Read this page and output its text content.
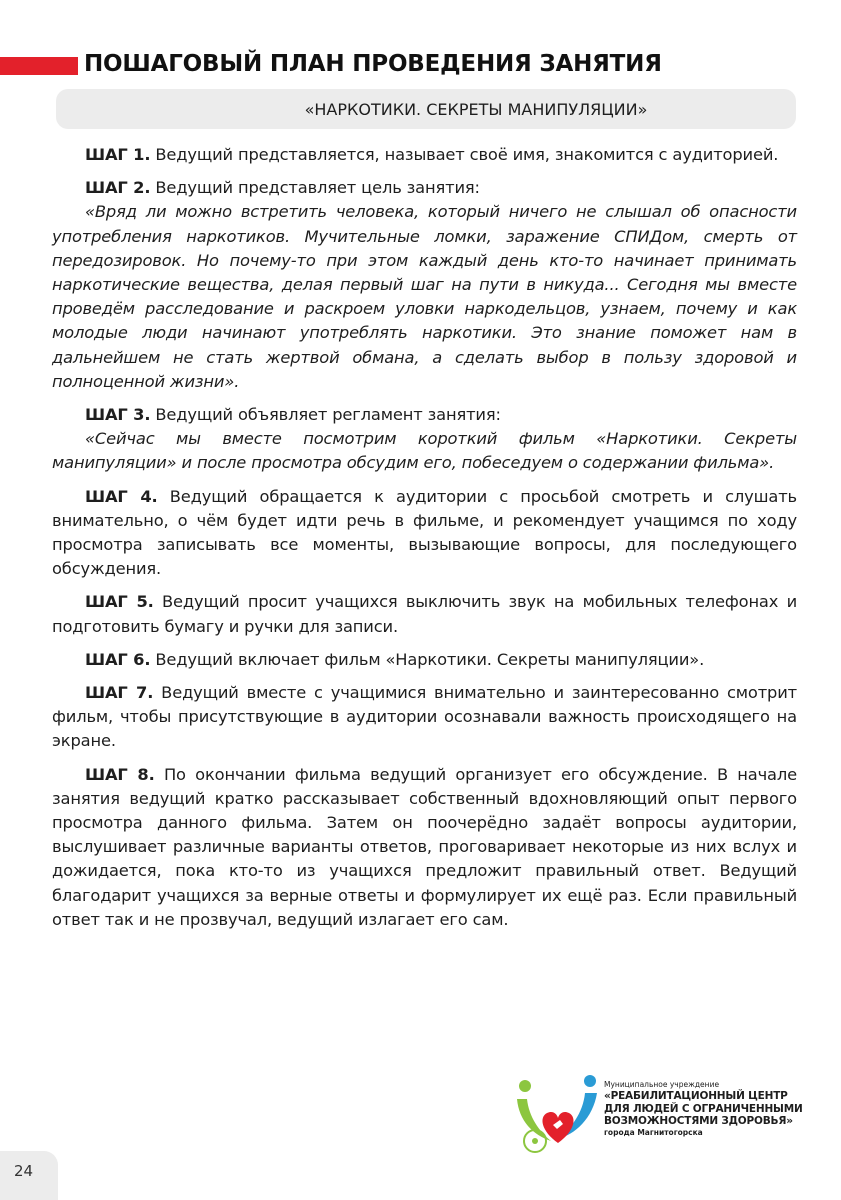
ПОШАГОВЫЙ ПЛАН ПРОВЕДЕНИЯ ЗАНЯТИЯ
«НАРКОТИКИ. СЕКРЕТЫ МАНИПУЛЯЦИИ»

ШАГ 1. Ведущий представляется, называет своё имя, знакомится с аудиторией.

ШАГ 2. Ведущий представляет цель занятия:
«Вряд ли можно встретить человека, который ничего не слышал об опасности употребления наркотиков. Мучительные ломки, заражение СПИДом, смерть от передозировок. Но почему-то при этом каждый день кто-то начинает принимать наркотические вещества, делая первый шаг на пути в никуда... Сегодня мы вместе проведём расследование и раскроем уловки наркодельцов, узнаем, почему и как молодые люди начинают употреблять наркотики. Это знание поможет нам в дальнейшем не стать жертвой обмана, а сделать выбор в пользу здоровой и полноценной жизни».

ШАГ 3. Ведущий объявляет регламент занятия:
«Сейчас мы вместе посмотрим короткий фильм «Наркотики. Секреты манипуляции» и после просмотра обсудим его, побеседуем о содержании фильма».

ШАГ 4. Ведущий обращается к аудитории с просьбой смотреть и слушать внимательно, о чём будет идти речь в фильме, и рекомендует учащимся по ходу просмотра записывать все моменты, вызывающие вопросы, для последующего обсуждения.

ШАГ 5. Ведущий просит учащихся выключить звук на мобильных телефонах и подготовить бумагу и ручки для записи.

ШАГ 6. Ведущий включает фильм «Наркотики. Секреты манипуляции».

ШАГ 7. Ведущий вместе с учащимися внимательно и заинтересованно смотрит фильм, чтобы присутствующие в аудитории осознавали важность происходящего на экране.

ШАГ 8. По окончании фильма ведущий организует его обсуждение. В начале занятия ведущий кратко рассказывает собственный вдохновляющий опыт первого просмотра данного фильма. Затем он поочерёдно задаёт вопросы аудитории, выслушивает различные варианты ответов, проговаривает некоторые из них вслух и дожидается, пока кто-то из учащихся предложит правильный ответ. Ведущий благодарит учащихся за верные ответы и формулирует их ещё раз. Если правильный ответ так и не прозвучал, ведущий излагает его сам.

Муниципальное учреждение
«РЕАБИЛИТАЦИОННЫЙ ЦЕНТР
ДЛЯ ЛЮДЕЙ С ОГРАНИЧЕННЫМИ
ВОЗМОЖНОСТЯМИ ЗДОРОВЬЯ»
города Магнитогорска
24
